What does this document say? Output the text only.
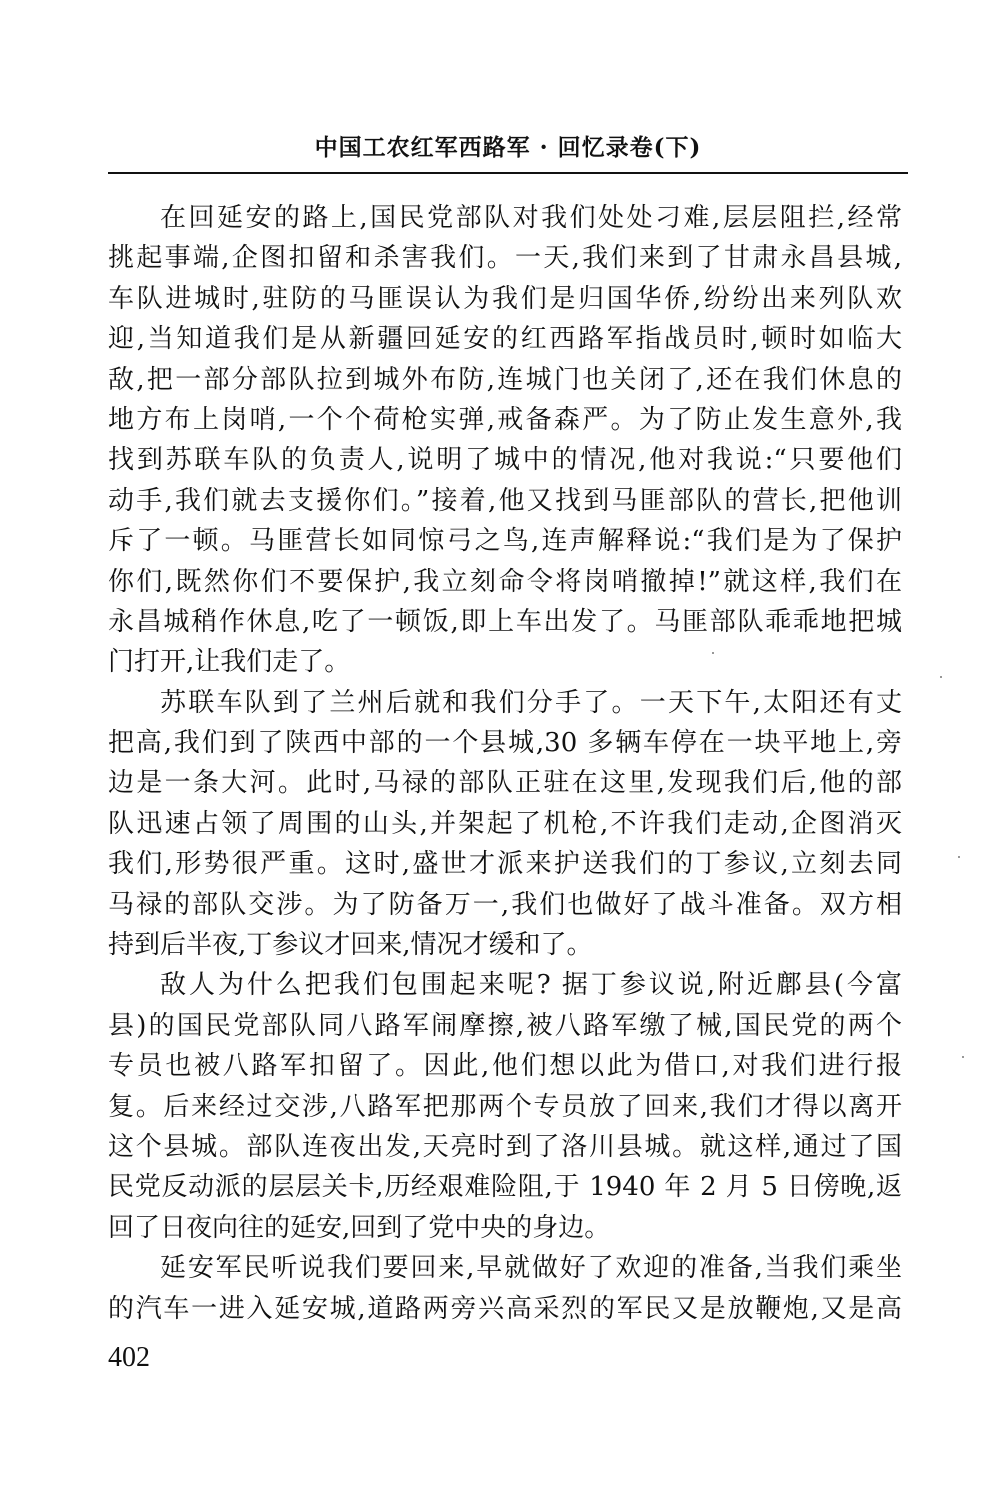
中国工农红军西路军 · 回忆录卷(下)
在回延安的路上,国民党部队对我们处处刁难,层层阻拦,经常
挑起事端,企图扣留和杀害我们。一天,我们来到了甘肃永昌县城,
车队进城时,驻防的马匪误认为我们是归国华侨,纷纷出来列队欢
迎,当知道我们是从新疆回延安的红西路军指战员时,顿时如临大
敌,把一部分部队拉到城外布防,连城门也关闭了,还在我们休息的
地方布上岗哨,一个个荷枪实弹,戒备森严。为了防止发生意外,我
找到苏联车队的负责人,说明了城中的情况,他对我说:“只要他们
动手,我们就去支援你们。”接着,他又找到马匪部队的营长,把他训
斥了一顿。马匪营长如同惊弓之鸟,连声解释说:“我们是为了保护
你们,既然你们不要保护,我立刻命令将岗哨撤掉!”就这样,我们在
永昌城稍作休息,吃了一顿饭,即上车出发了。马匪部队乖乖地把城
门打开,让我们走了。
苏联车队到了兰州后就和我们分手了。一天下午,太阳还有丈
把高,我们到了陕西中部的一个县城,30 多辆车停在一块平地上,旁
边是一条大河。此时,马禄的部队正驻在这里,发现我们后,他的部
队迅速占领了周围的山头,并架起了机枪,不许我们走动,企图消灭
我们,形势很严重。这时,盛世才派来护送我们的丁参议,立刻去同
马禄的部队交涉。为了防备万一,我们也做好了战斗准备。双方相
持到后半夜,丁参议才回来,情况才缓和了。
敌人为什么把我们包围起来呢? 据丁参议说,附近鄜县(今富
县)的国民党部队同八路军闹摩擦,被八路军缴了械,国民党的两个
专员也被八路军扣留了。因此,他们想以此为借口,对我们进行报
复。后来经过交涉,八路军把那两个专员放了回来,我们才得以离开
这个县城。部队连夜出发,天亮时到了洛川县城。就这样,通过了国
民党反动派的层层关卡,历经艰难险阻,于 1940 年 2 月 5 日傍晚,返
回了日夜向往的延安,回到了党中央的身边。
延安军民听说我们要回来,早就做好了欢迎的准备,当我们乘坐
的汽车一进入延安城,道路两旁兴高采烈的军民又是放鞭炮,又是高
402
